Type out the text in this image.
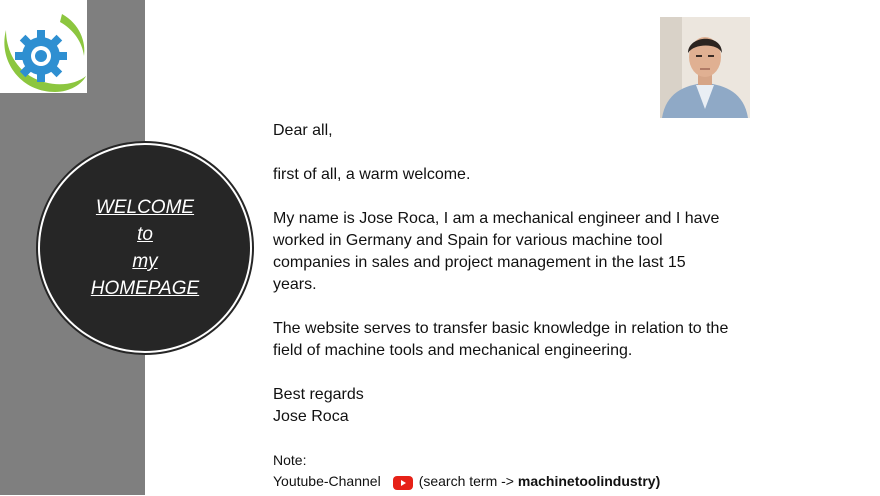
WELCOME
to
my
HOMEPAGE

Dear all,

first of all, a warm welcome.

My name is Jose Roca, I am a mechanical engineer and I have worked in Germany and Spain for various machine tool companies in sales and project management in the last 15 years.

The website serves to transfer basic knowledge in relation to the field of machine tools and mechanical engineering.

Best regards

Jose Roca

Note:
Youtube-Channel	(search term -> machinetoolindustry)
